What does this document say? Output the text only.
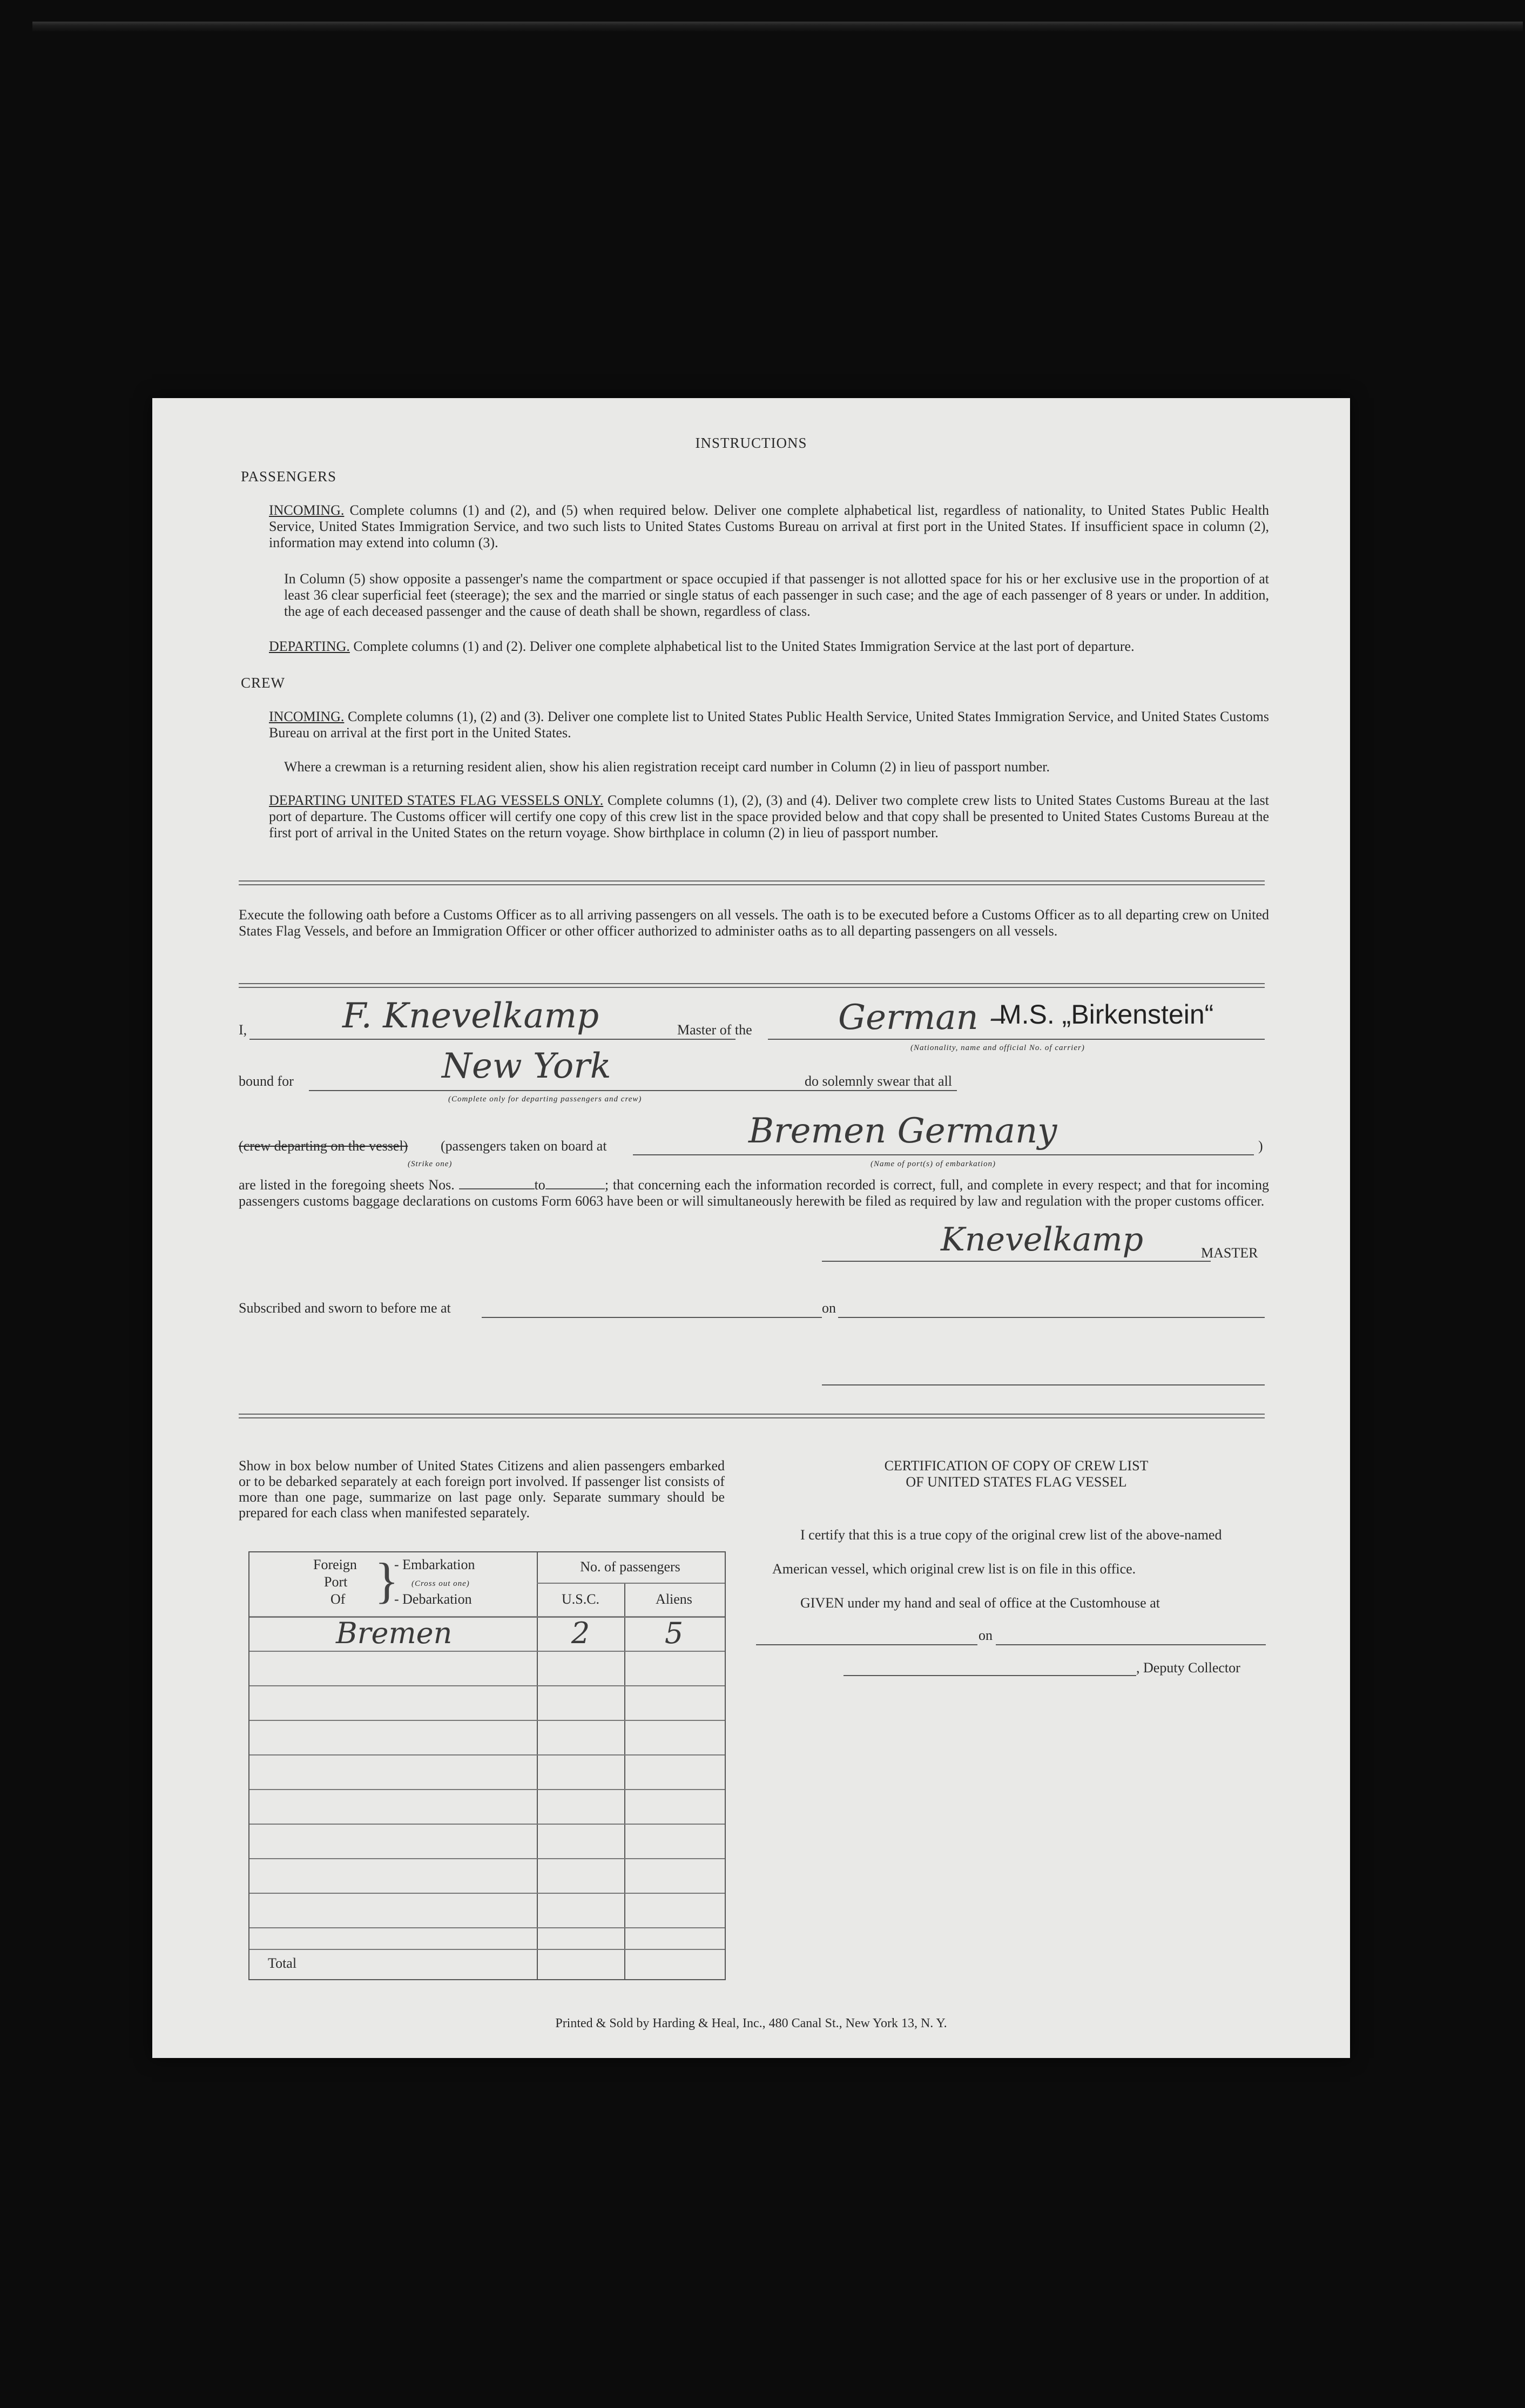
INSTRUCTIONS
PASSENGERS
INCOMING. Complete columns (1) and (2), and (5) when required below. Deliver one complete alphabetical list, regardless of nationality, to United States Public Health Service, United States Immigration Service, and two such lists to United States Customs Bureau on arrival at first port in the United States. If insufficient space in column (2), information may extend into column (3).
In Column (5) show opposite a passenger's name the compartment or space occupied if that passenger is not allotted space for his or her exclusive use in the proportion of at least 36 clear superficial feet (steerage); the sex and the married or single status of each passenger in such case; and the age of each passenger of 8 years or under. In addition, the age of each deceased passenger and the cause of death shall be shown, regardless of class.
DEPARTING. Complete columns (1) and (2). Deliver one complete alphabetical list to the United States Immigration Service at the last port of departure.
CREW
INCOMING. Complete columns (1), (2) and (3). Deliver one complete list to United States Public Health Service, United States Immigration Service, and United States Customs Bureau on arrival at the first port in the United States.
Where a crewman is a returning resident alien, show his alien registration receipt card number in Column (2) in lieu of passport number.
DEPARTING UNITED STATES FLAG VESSELS ONLY. Complete columns (1), (2), (3) and (4). Deliver two complete crew lists to United States Customs Bureau at the last port of departure. The Customs officer will certify one copy of this crew list in the space provided below and that copy shall be presented to United States Customs Bureau at the first port of arrival in the United States on the return voyage. Show birthplace in column (2) in lieu of passport number.
Execute the following oath before a Customs Officer as to all arriving passengers on all vessels. The oath is to be executed before a Customs Officer as to all departing crew on United States Flag Vessels, and before an Immigration Officer or other officer authorized to administer oaths as to all departing passengers on all vessels.
I,	F. Knevelkamp	Master of the German –
M.S. „Birkenstein“
(Nationality, name and official No. of carrier)
bound for	New York
(Complete only for departing passengers and crew)
do solemnly swear that all
(crew departing on the vessel) (passengers taken on board at
(Strike one)
Bremen Germany
(Name of port(s) of embarkation)
)
are listed in the foregoing sheets Nos.	to	; that concerning each the information recorded is correct, full, and complete in every respect; and that for incoming passengers customs baggage declarations on customs Form 6063 have been or will simultaneously herewith be filed as required by law and regulation with the proper customs officer.
Knevelkamp	MASTER
Subscribed and sworn to before me at	on
Show in box below number of United States Citizens and alien passengers embarked or to be debarked separately at each foreign port involved. If passenger list consists of more than one page, summarize on last page only. Separate summary should be prepared for each class when manifested separately.
Foreign
Port
Of }
- Embarkation
(Cross out one)
- Debarkation
No. of passengers
U.S.C.	Aliens
Bremen	2	5
Total
CERTIFICATION OF COPY OF CREW LIST
OF UNITED STATES FLAG VESSEL
I certify that this is a true copy of the original crew list of the above-named
American vessel, which original crew list is on file in this office.
GIVEN under my hand and seal of office at the Customhouse at
on
, Deputy Collector
Printed & Sold by Harding & Heal, Inc., 480 Canal St., New York 13, N. Y.
